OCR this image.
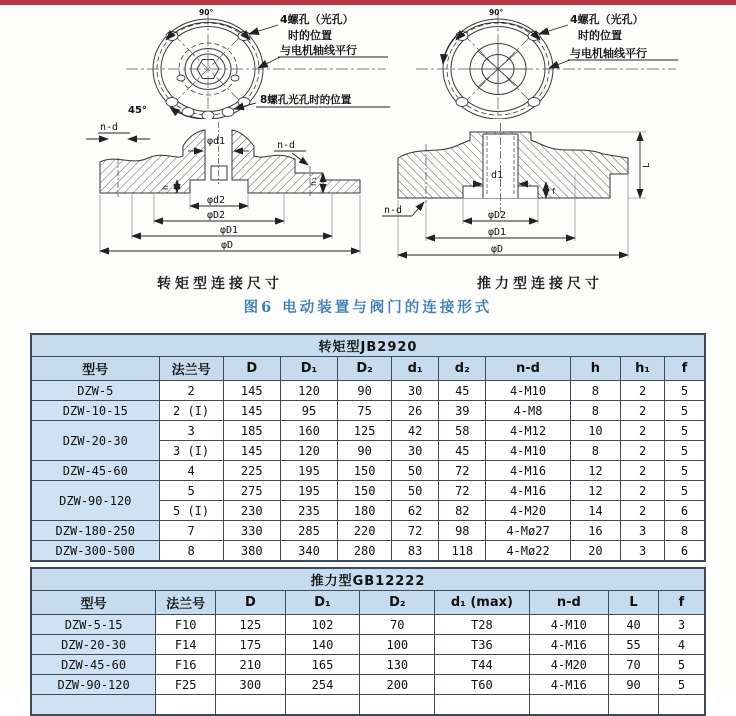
90°
45°
4螺孔（光孔）
时的位置
与电机轴线平行
8螺孔光孔时的位置
90°
4螺孔（光孔）
时的位置
与电机轴线平行
n-d
n-d
φd1
φd2
φD2
φD1
φD
h
h₁
d1
n-d	φD2
φD1
φD
L
f
转矩型连接尺寸	推力型连接尺寸
图6 电动装置与阀门的连接形式
转矩型JB2920										
型号	法兰号	D	D₁	D₂	d₁	d₂	n-d	h	h₁	f
DZW-5	2	145	120	90	30	45	4-M10	8	2	5
DZW-10-15	2 (I)	145	95	75	26	39	4-M8	8	2	5
DZW-20-30	3	185	160	125	42	58	4-M12	10	2	5
	3 (I)	145	120	90	30	45	4-M10	8	2	5
DZW-45-60	4	225	195	150	50	72	4-M16	12	2	5
DZW-90-120	5	275	195	150	50	72	4-M16	12	2	5
	5 (I)	230	235	180	62	82	4-M20	14	2	6
DZW-180-250	7	330	285	220	72	98	4-Mø27	16	3	8
DZW-300-500	8	380	340	280	83	118	4-Mø22	20	3	6
推力型GB12222								
型号	法兰号	D	D₁	D₂	d₁ (max)	n-d	L	f
DZW-5-15	F10	125	102	70	T28	4-M10	40	3
DZW-20-30	F14	175	140	100	T36	4-M16	55	4
DZW-45-60	F16	210	165	130	T44	4-M20	70	5
DZW-90-120	F25	300	254	200	T60	4-M16	90	5
